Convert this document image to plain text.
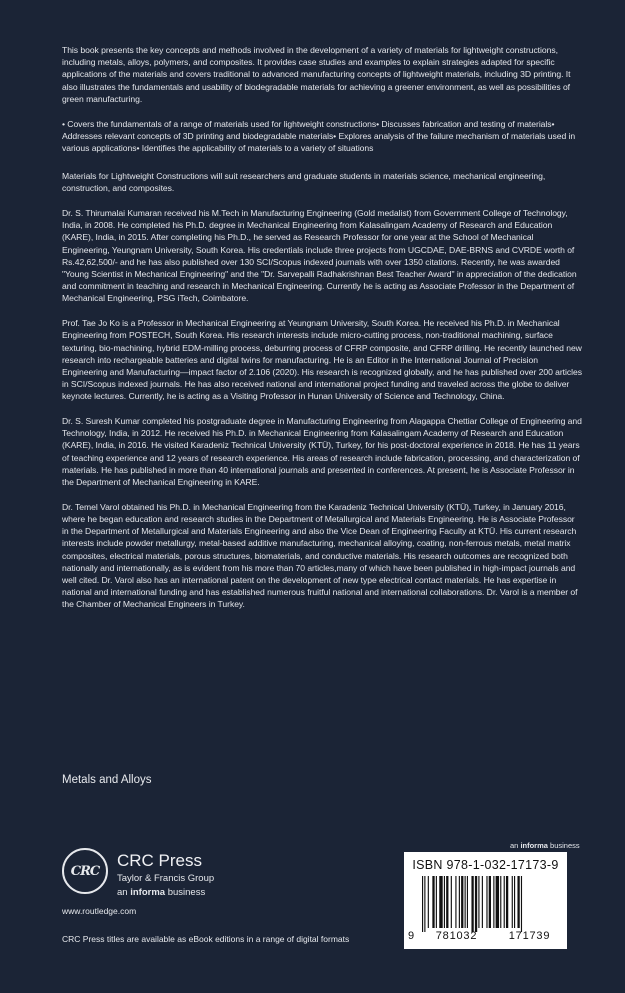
This book presents the key concepts and methods involved in the development of a variety of materials for lightweight constructions, including metals, alloys, polymers, and composites. It provides case studies and examples to explain strategies adapted for specific applications of the materials and covers traditional to advanced manufacturing concepts of lightweight materials, including 3D printing. It also illustrates the fundamentals and usability of biodegradable materials for achieving a greener environment, as well as possibilities of green manufacturing.

• Covers the fundamentals of a range of materials used for lightweight constructions• Discusses fabrication and testing of materials• Addresses relevant concepts of 3D printing and biodegradable materials• Explores analysis of the failure mechanism of materials used in various applications• Identifies the applicability of materials to a variety of situations

Materials for Lightweight Constructions will suit researchers and graduate students in materials science, mechanical engineering, construction, and composites.

Dr. S. Thirumalai Kumaran received his M.Tech in Manufacturing Engineering (Gold medalist) from Government College of Technology, India, in 2008. He completed his Ph.D. degree in Mechanical Engineering from Kalasalingam Academy of Research and Education (KARE), India, in 2015. After completing his Ph.D., he served as Research Professor for one year at the School of Mechanical Engineering, Yeungnam University, South Korea. His credentials include three projects from UGCDAE, DAE-BRNS and CVRDE worth of Rs.42,62,500/- and he has also published over 130 SCI/Scopus indexed journals with over 1350 citations. Recently, he was awarded "Young Scientist in Mechanical Engineering" and the "Dr. Sarvepalli Radhakrishnan Best Teacher Award" in appreciation of the dedication and commitment in teaching and research in Mechanical Engineering. Currently he is acting as Associate Professor in the Department of Mechanical Engineering, PSG iTech, Coimbatore.

Prof. Tae Jo Ko is a Professor in Mechanical Engineering at Yeungnam University, South Korea. He received his Ph.D. in Mechanical Engineering from POSTECH, South Korea. His research interests include micro-cutting process, non-traditional machining, surface texturing, bio-machining, hybrid EDM-milling process, deburring process of CFRP composite, and CFRP drilling. He recently launched new research into rechargeable batteries and digital twins for manufacturing. He is an Editor in the International Journal of Precision Engineering and Manufacturing—impact factor of 2.106 (2020). His research is recognized globally, and he has published over 200 articles in SCI/Scopus indexed journals. He has also received national and international project funding and traveled across the globe to deliver keynote lectures. Currently, he is acting as a Visiting Professor in Hunan University of Science and Technology, China.

Dr. S. Suresh Kumar completed his postgraduate degree in Manufacturing Engineering from Alagappa Chettiar College of Engineering and Technology, India, in 2012. He received his Ph.D. in Mechanical Engineering from Kalasalingam Academy of Research and Education (KARE), India, in 2016. He visited Karadeniz Technical University (KTÜ), Turkey, for his post-doctoral experience in 2018. He has 11 years of teaching experience and 12 years of research experience. His areas of research include fabrication, processing, and characterization of materials. He has published in more than 40 international journals and presented in conferences. At present, he is Associate Professor in the Department of Mechanical Engineering in KARE.

Dr. Temel Varol obtained his Ph.D. in Mechanical Engineering from the Karadeniz Technical University (KTÜ), Turkey, in January 2016, where he began education and research studies in the Department of Metallurgical and Materials Engineering. He is Associate Professor in the Department of Metallurgical and Materials Engineering and also the Vice Dean of Engineering Faculty at KTÜ. His current research interests include powder metallurgy, metal-based additive manufacturing, mechanical alloying, coating, non-ferrous metals, metal matrix composites, electrical materials, porous structures, biomaterials, and conductive materials. His research outcomes are recognized both nationally and internationally, as is evident from his more than 70 articles,many of which have been published in high-impact journals and well cited. Dr. Varol also has an international patent on the development of new type electrical contact materials. He has expertise in national and international funding and has established numerous fruitful national and international collaborations. Dr. Varol is a member of the Chamber of Mechanical Engineers in Turkey.

Metals and Alloys
an informa business
CRC
CRC Press
Taylor & Francis Group
an informa business
www.routledge.com
CRC Press titles are available as eBook editions in a range of digital formats
ISBN 978-1-032-17173-9
9	781032	171739
